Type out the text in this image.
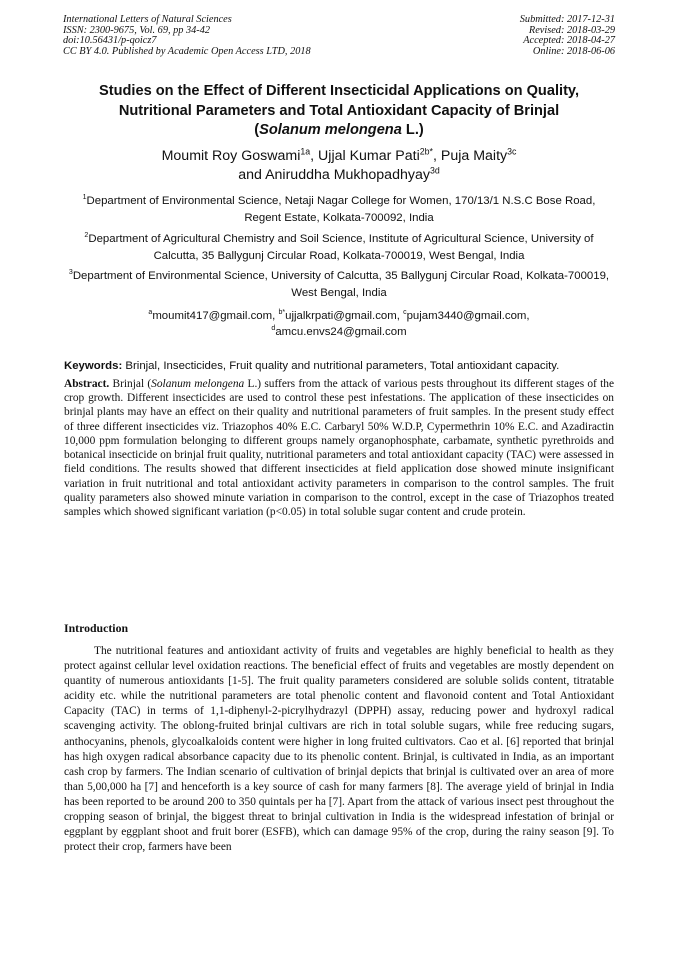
International Letters of Natural Sciences
ISSN: 2300-9675, Vol. 69, pp 34-42
doi:10.56431/p-qoicz7
CC BY 4.0. Published by Academic Open Access LTD, 2018
Submitted: 2017-12-31
Revised: 2018-03-29
Accepted: 2018-04-27
Online: 2018-06-06
Studies on the Effect of Different Insecticidal Applications on Quality,
Nutritional Parameters and Total Antioxidant Capacity of Brinjal
(Solanum melongena L.)
Moumit Roy Goswami$^{1a}$, Ujjal Kumar Pati$^{2b*}$, Puja Maity$^{3c}$
and Aniruddha Mukhopadhyay$^{3d}$
$^1$Department of Environmental Science, Netaji Nagar College for Women, 170/13/1 N.S.C Bose Road, Regent Estate, Kolkata-700092, India
$^2$Department of Agricultural Chemistry and Soil Science, Institute of Agricultural Science, University of Calcutta, 35 Ballygunj Circular Road, Kolkata-700019, West Bengal, India
$^3$Department of Environmental Science, University of Calcutta, 35 Ballygunj Circular Road, Kolkata-700019, West Bengal, India
$^a$moumit417@gmail.com, $^{b*}$ujjalkrpati@gmail.com, $^c$pujam3440@gmail.com,
$^d$amcu.envs24@gmail.com
Keywords: Brinjal, Insecticides, Fruit quality and nutritional parameters, Total antioxidant capacity.
Abstract. Brinjal (Solanum melongena L.) suffers from the attack of various pests throughout its different stages of the crop growth. Different insecticides are used to control these pest infestations. The application of these insecticides on brinjal plants may have an effect on their quality and nutritional parameters of fruit samples. In the present study effect of three different insecticides viz. Triazophos 40% E.C. Carbaryl 50% W.D.P, Cypermethrin 10% E.C. and Azadiractin 10,000 ppm formulation belonging to different groups namely organophosphate, carbamate, synthetic pyrethroids and botanical insecticide on brinjal fruit quality, nutritional parameters and total antioxidant capacity (TAC) were assessed in field conditions. The results showed that different insecticides at field application dose showed minute insignificant variation in fruit nutritional and total antioxidant activity parameters in comparison to the control samples. The fruit quality parameters also showed minute variation in comparison to the control, except in the case of Triazophos treated samples which showed significant variation (p<0.05) in total soluble sugar content and crude protein.
Introduction
The nutritional features and antioxidant activity of fruits and vegetables are highly beneficial to health as they protect against cellular level oxidation reactions. The beneficial effect of fruits and vegetables are mostly dependent on quantity of numerous antioxidants [1-5]. The fruit quality parameters considered are soluble solids content, titratable acidity etc. while the nutritional parameters are total phenolic content and flavonoid content and Total Antioxidant Capacity (TAC) in terms of 1,1-diphenyl-2-picrylhydrazyl (DPPH) assay, reducing power and hydroxyl radical scavenging activity. The oblong-fruited brinjal cultivars are rich in total soluble sugars, while free reducing sugars, anthocyanins, phenols, glycoalkaloids content were higher in long fruited cultivators. Cao et al. [6] reported that brinjal has high oxygen radical absorbance capacity due to its phenolic content. Brinjal, is cultivated in India, as an important cash crop by farmers. The Indian scenario of cultivation of brinjal depicts that brinjal is cultivated over an area of more than 5,00,000 ha [7] and henceforth is a key source of cash for many farmers [8]. The average yield of brinjal in India has been reported to be around 200 to 350 quintals per ha [7]. Apart from the attack of various insect pest throughout the cropping season of brinjal, the biggest threat to brinjal cultivation in India is the widespread infestation of brinjal or eggplant by eggplant shoot and fruit borer (ESFB), which can damage 95% of the crop, during the rainy season [9]. To protect their crop, farmers have been
